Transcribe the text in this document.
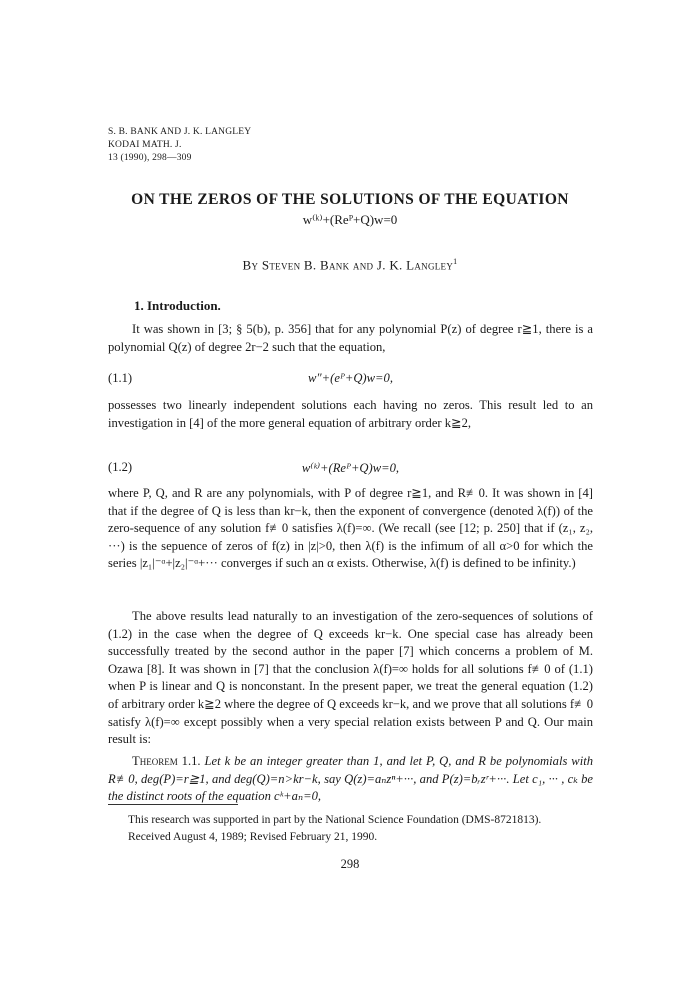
S. B. BANK AND J. K. LANGLEY
KODAI MATH. J.
13 (1990), 298—309
ON THE ZEROS OF THE SOLUTIONS OF THE EQUATION
w⁽ᵏ⁾+(Reᴾ+Q)w=0
By Steven B. Bank and J. K. Langley$^1$
1. Introduction.
It was shown in [3; § 5(b), p. 356] that for any polynomial P(z) of degree r≧1, there is a polynomial Q(z) of degree 2r−2 such that the equation,
(1.1)	w″+(eᴾ+Q)w=0,
possesses two linearly independent solutions each having no zeros. This result led to an investigation in [4] of the more general equation of arbitrary order k≧2,
(1.2)	w⁽ᵏ⁾+(Reᴾ+Q)w=0,
where P, Q, and R are any polynomials, with P of degree r≧1, and R≢0. It was shown in [4] that if the degree of Q is less than kr−k, then the exponent of convergence (denoted λ(f)) of the zero-sequence of any solution f≢0 satisfies λ(f)=∞. (We recall (see [12; p. 250] that if (z₁, z₂, ···) is the sepuence of zeros of f(z) in |z|>0, then λ(f) is the infimum of all α>0 for which the series |z₁|⁻ᵅ+|z₂|⁻ᵅ+··· converges if such an α exists. Otherwise, λ(f) is defined to be infinity.)
The above results lead naturally to an investigation of the zero-sequences of solutions of (1.2) in the case when the degree of Q exceeds kr−k. One special case has already been successfully treated by the second author in the paper [7] which concerns a problem of M. Ozawa [8]. It was shown in [7] that the conclusion λ(f)=∞ holds for all solutions f≢0 of (1.1) when P is linear and Q is nonconstant. In the present paper, we treat the general equation (1.2) of arbitrary order k≧2 where the degree of Q exceeds kr−k, and we prove that all solutions f≢0 satisfy λ(f)=∞ except possibly when a very special relation exists between P and Q. Our main result is:
Theorem 1.1. Let k be an integer greater than 1, and let P, Q, and R be polynomials with R≢0, deg(P)=r≧1, and deg(Q)=n>kr−k, say Q(z)=aₙzⁿ+···, and P(z)=bᵣzʳ+···. Let c₁, ··· , cₖ be the distinct roots of the equation cᵏ+aₙ=0,
This research was supported in part by the National Science Foundation (DMS-8721813).
Received August 4, 1989; Revised February 21, 1990.
298
